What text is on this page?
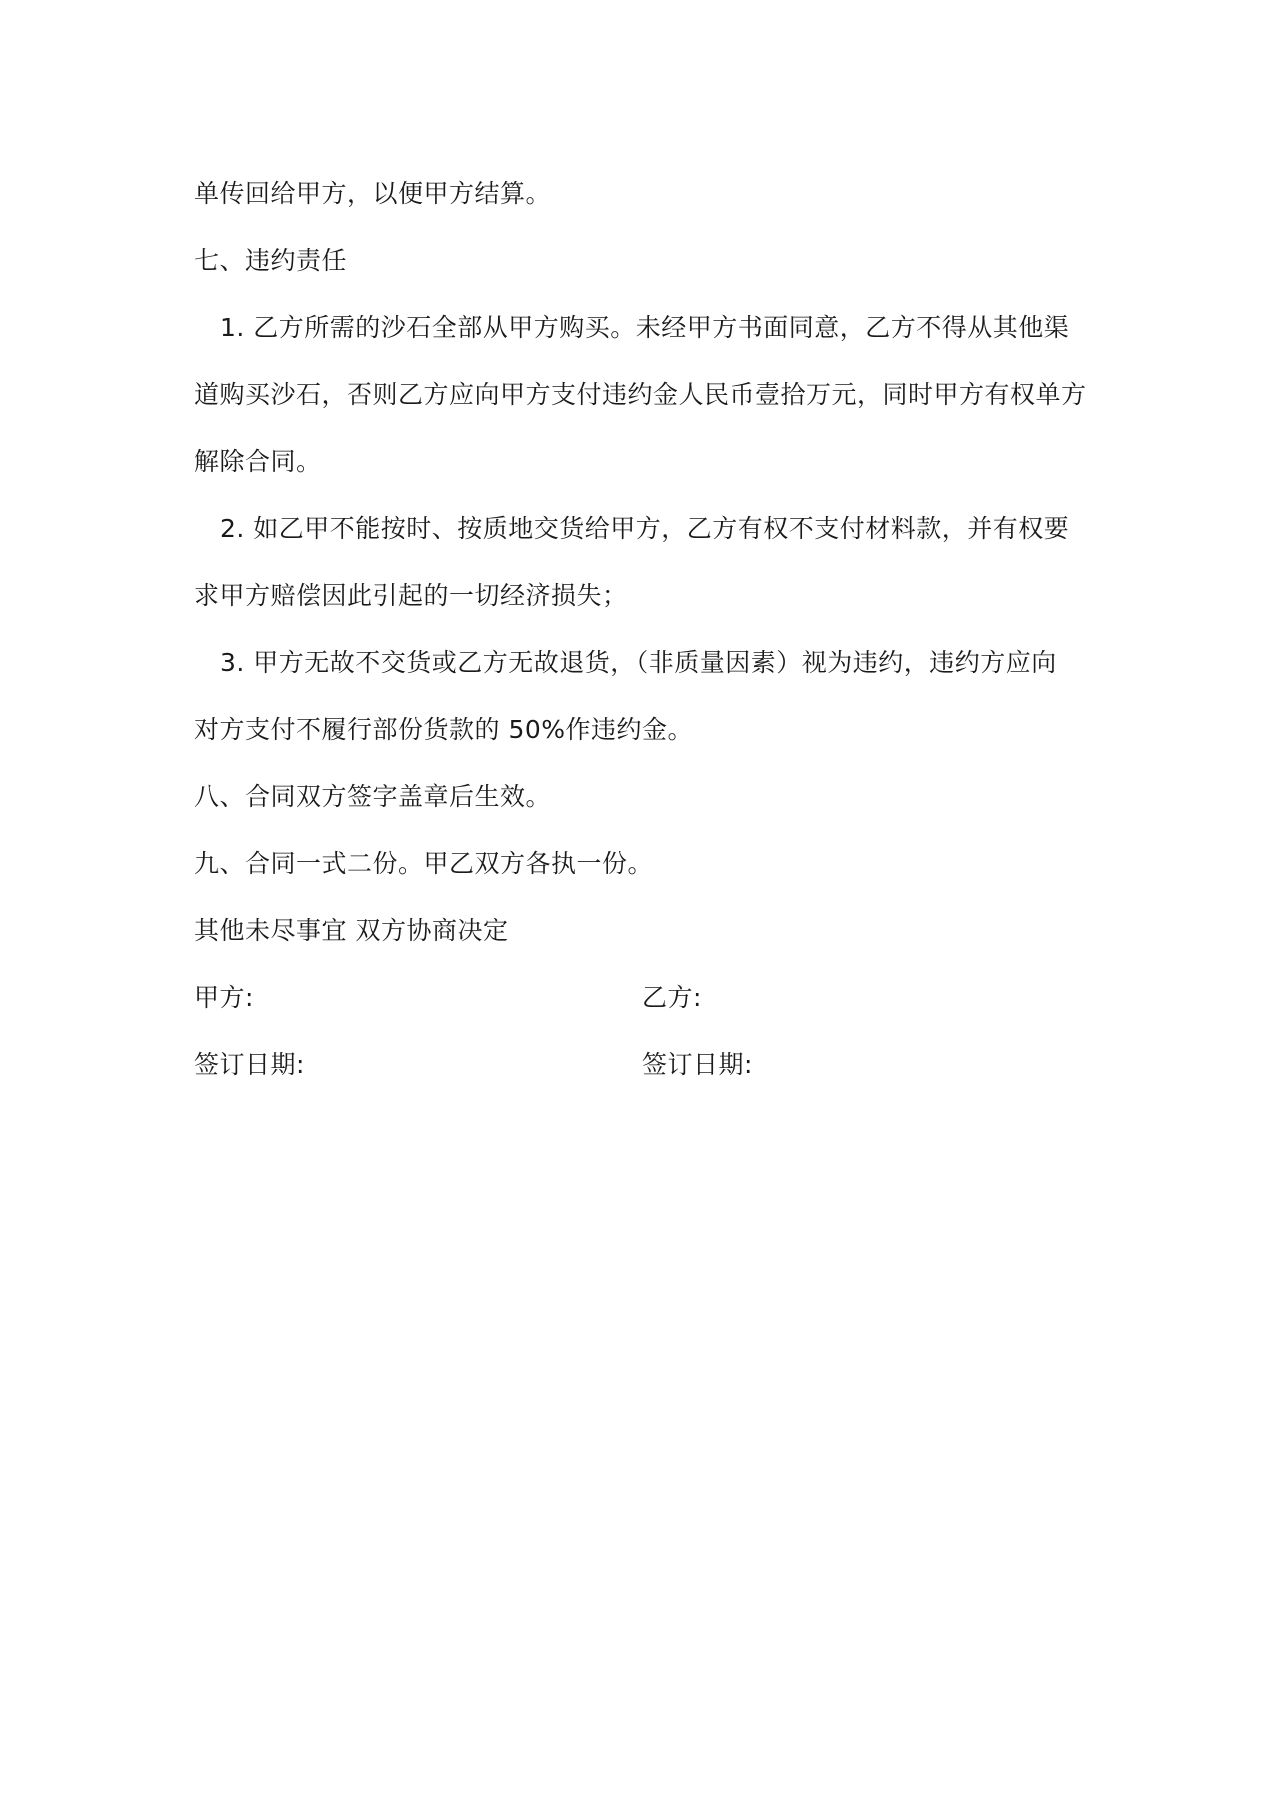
单传回给甲方，以便甲方结算。
七、违约责任
1. 乙方所需的沙石全部从甲方购买。未经甲方书面同意，乙方不得从其他渠
道购买沙石，否则乙方应向甲方支付违约金人民币壹拾万元，同时甲方有权单方
解除合同。
2. 如乙甲不能按时、按质地交货给甲方，乙方有权不支付材料款，并有权要
求甲方赔偿因此引起的一切经济损失；
3. 甲方无故不交货或乙方无故退货，（非质量因素）视为违约，违约方应向
对方支付不履行部份货款的 50%作违约金。
八、合同双方签字盖章后生效。
九、合同一式二份。甲乙双方各执一份。
其他未尽事宜 双方协商决定
甲方:	乙方:
签订日期:	签订日期:
